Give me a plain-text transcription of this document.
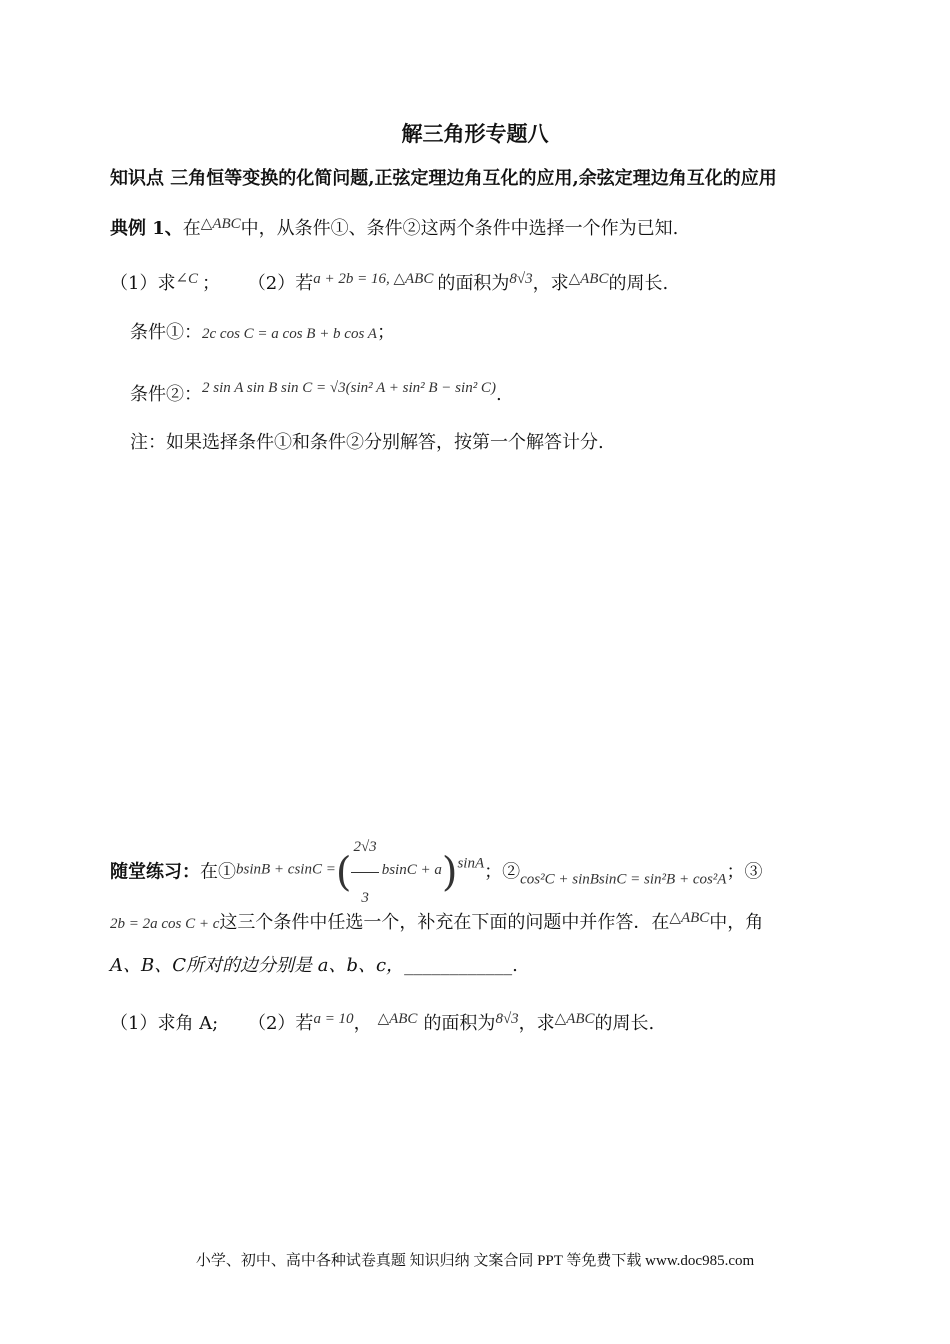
解三角形专题八
知识点 三角恒等变换的化简问题,正弦定理边角互化的应用,余弦定理边角互化的应用
典例 1、在$^{\triangle ABC}$中，从条件①、条件②这两个条件中选择一个作为已知.
（1）求$^{\angle C}$ ； （2）若$^{a + 2b = 16, \triangle ABC}$ 的面积为$^{8√3}$，求$^{\triangle ABC}$的周长.
条件①：2c cos C = a cos B + b cos A；
条件②：$^{2 sin A sin B sin C = √3(sin^2 A + sin^2 B - sin^2 C)}$.
注：如果选择条件①和条件②分别解答，按第一个解答计分.
随堂练习：在①$^{bsinB + csinC =}$( $\frac{2√3}{3} ^{bsinC + a})^{sinA}$；$②_{cos^2C + sinBsinC = sin^2B + cos^2A}$；③
2b = 2a cos C + c这三个条件中任选一个，补充在下面的问题中并作答．在$^{\triangle ABC}$中，角
A、B、C所对的边分别是 a、b、c，____________.
（1）求角 A; （2）若$^{a = 10}$， $^{\triangle ABC}$ 的面积为$^{8√3}$，求$^{\triangle ABC}$的周长.
小学、初中、高中各种试卷真题 知识归纳 文案合同 PPT 等免费下载 www.doc985.com
